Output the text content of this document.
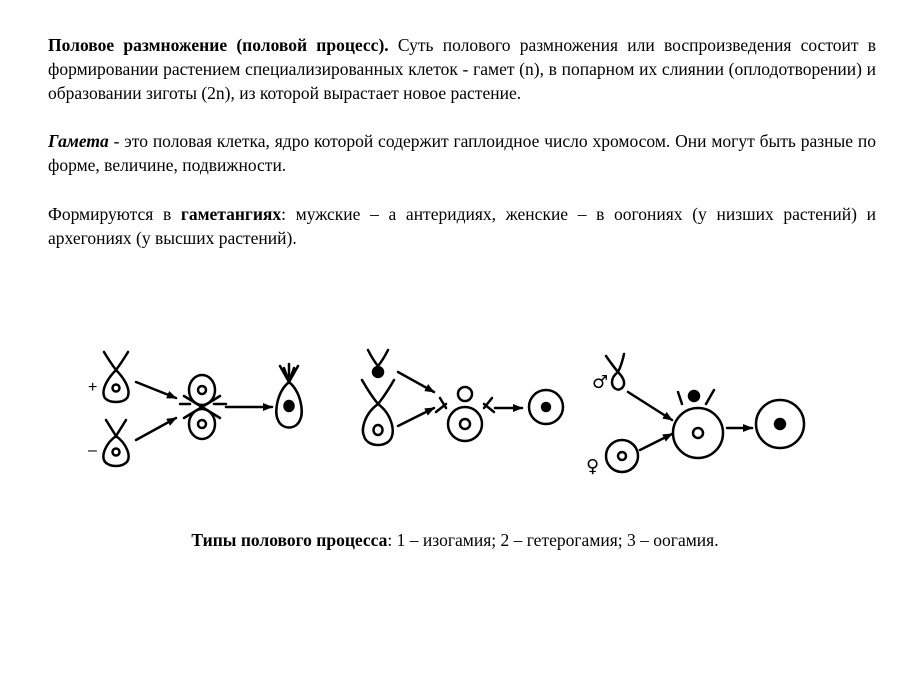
Половое размножение (половой процесс). Суть полового размножения или воспроизведения состоит в формировании растением специализированных клеток - гамет (n), в попарном их слиянии (оплодотворении) и образовании зиготы (2n), из которой вырастает новое растение.

Гамета - это половая клетка, ядро которой содержит гаплоидное число хромосом. Они могут быть разные по форме, величине, подвижности.

Формируются в гаметангиях: мужские – а антеридиях, женские – в оогониях (у низших растений) и архегониях (у высших растений).

+
–
♂
♀

Типы полового процесса: 1 – изогамия; 2 – гетерогамия; 3 – оогамия.
